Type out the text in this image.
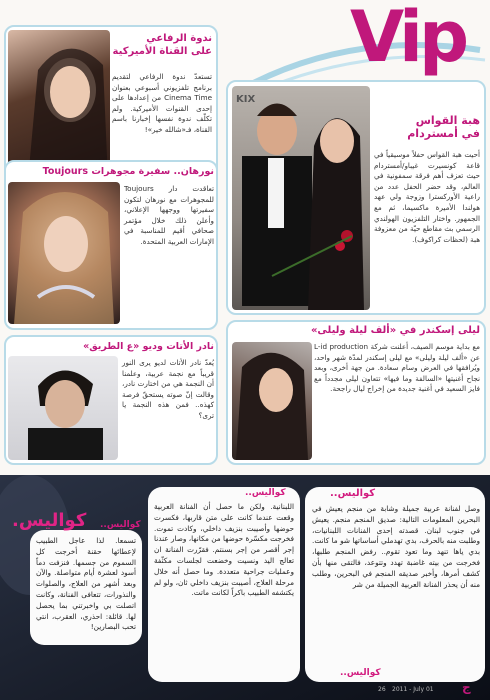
Vip
ندوة الرفاعي
على القناة الأميركية
تستعدّ ندوة الرفاعي لتقديم برنامج تلفزيوني أسبوعي بعنوان Cinema Time من إعدادها على إحدى القنوات الأميركية. ولم تكلّف ندوة نفسها إخبارنا باسم القناة، فـ«شالله خير»!
KIX
هبة القواس
في أمستردام
أحيت هبة القواس حفلاً موسيقياً في قاعة كونسيرت غيباو/أمستردام حيث تعزف أهم فرقة سمفونية في العالم، وقد حضر الحفل عدد من راعية الأوركسترا وزوجة ولي عهد هولندا الأميرة ماكسيما، ثم مع الجمهور. واختار التلفزيون الهولندي الرسمي بث مقاطع حيّة من معزوفة هبة (لحظات كراكوف).
نورهان.. سفيرة مجوهرات Toujours
تعاقدت دار Toujours للمجوهرات مع نورهان لتكون سفيرتها ووجهها الإعلاني، وأعلن ذلك خلال مؤتمر صحافي أقيم للمناسبة في الإمارات العربية المتحدة.
نادر الأتات وديو «ع الطريق»
يُعدّ نادر الأتات لديو يرى النور قريباً مع نجمة عربية، وعلمنا أن النجمة هي من اختارت نادر، وقالت إنّ صوته يستحقّ فرصة كهذه.. فمن هذه النجمة يا ترى؟
ليلى إسكندر في «ألف ليلة وليلى»
مع بداية موسم الصيف، أعلنت شركة L-id production عن «ألف ليلة وليلى» مع ليلى إسكندر لمدّة شهر واحد، ويُرافقها في العرض وسام سعادة. من جهة أخرى، وبعد نجاح أغنيتها «السالفة وما فيها» تتعاون ليلى مجدداً مع فايز السعيد في أغنية جديدة من إخراج ليال راجحة.
كواليس..
وصل لفنانة عربية جميلة وشابة من منجم يعيش في البحرين المعلومات التالية: صديق المنجم منجم. يعيش في جنوب لبنان. قصدته إحدى الفنانات اللبنانيات، وطلبت منه بالحرف، بدي تهدملي أساساتها شو ما كانت. بدي ياها تنهد وما تعود تقوم.. رفض المنجم طلبها، فخرجت من بيته غاضبة تهدد وتتوعد، فالتقى منها بأن كشف أمرها، وأخبر صديقه المنجم في البحرين، وطلب منه أن يحذر الفنانة العربية الجميلة من شر
كواليس..
كواليس..
اللبنانية. ولكن ما حصل أن الفنانة العربية وقعت عندما كانت على متن قاربها، فكسرت حوضها وأصيبت بنزيف داخلي، وكادت تموت. فخرجت مكسّرة حوضها من مكانها، وصار عندنا إجر أقصر من إجر بسنتم. فقرّرت الفنانة ان تعالج اليد ونسيت وخضعت لجلسات مكثّفة وعمليات جراحية متعددة. وما حصل أنه خلال مرحلة العلاج، أصيبت بنزيف داخلي ثان، ولو لم يكتشفه الطبيب باكراً لكانت ماتت.
كواليس..
تسمعا. لذا عاجل الطبيب لإعطائها حقنة أخرجت كل السموم من جسمها. فنزفت دماً أسود لعشرة أيام متواصلة. والآن وبعد أشهر من العلاج، والصلوات والنذورات، تتعافى الفنانة، وكانت اتصلت بي واخبرتني بما يحصل لها. قائلة: احذري، العقرب، انتي تحب البصارين!
كواليس.
2011 - July 01
26	ج
